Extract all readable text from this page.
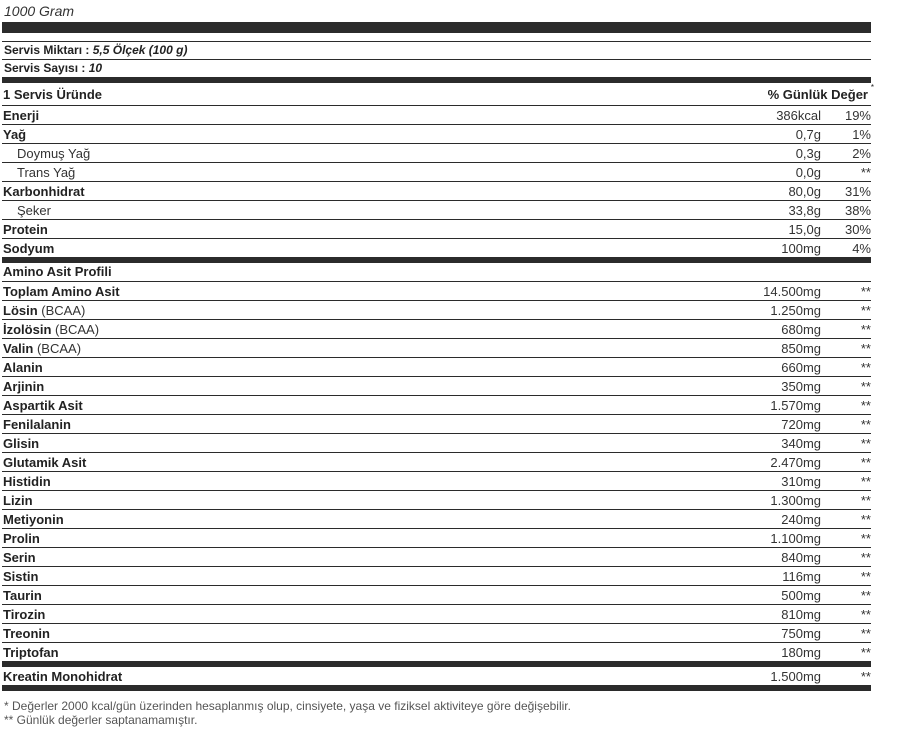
1000 Gram
Servis Miktarı : 5,5 Ölçek (100 g)
Servis Sayısı : 10
1 Servis Üründe	% Günlük Değer *
Enerji	386kcal	19%
Yağ	0,7g	1%
Doymuş Yağ	0,3g	2%
Trans Yağ	0,0g	**
Karbonhidrat	80,0g	31%
Şeker	33,8g	38%
Protein	15,0g	30%
Sodyum	100mg	4%
Amino Asit Profili
Toplam Amino Asit	14.500mg	**
Lösin (BCAA)	1.250mg	**
İzolösin (BCAA)	680mg	**
Valin (BCAA)	850mg	**
Alanin	660mg	**
Arjinin	350mg	**
Aspartik Asit	1.570mg	**
Fenilalanin	720mg	**
Glisin	340mg	**
Glutamik Asit	2.470mg	**
Histidin	310mg	**
Lizin	1.300mg	**
Metiyonin	240mg	**
Prolin	1.100mg	**
Serin	840mg	**
Sistin	116mg	**
Taurin	500mg	**
Tirozin	810mg	**
Treonin	750mg	**
Triptofan	180mg	**
Kreatin Monohidrat	1.500mg	**
* Değerler 2000 kcal/gün üzerinden hesaplanmış olup, cinsiyete, yaşa ve fiziksel aktiviteye göre değişebilir.
** Günlük değerler saptanamamıştır.
